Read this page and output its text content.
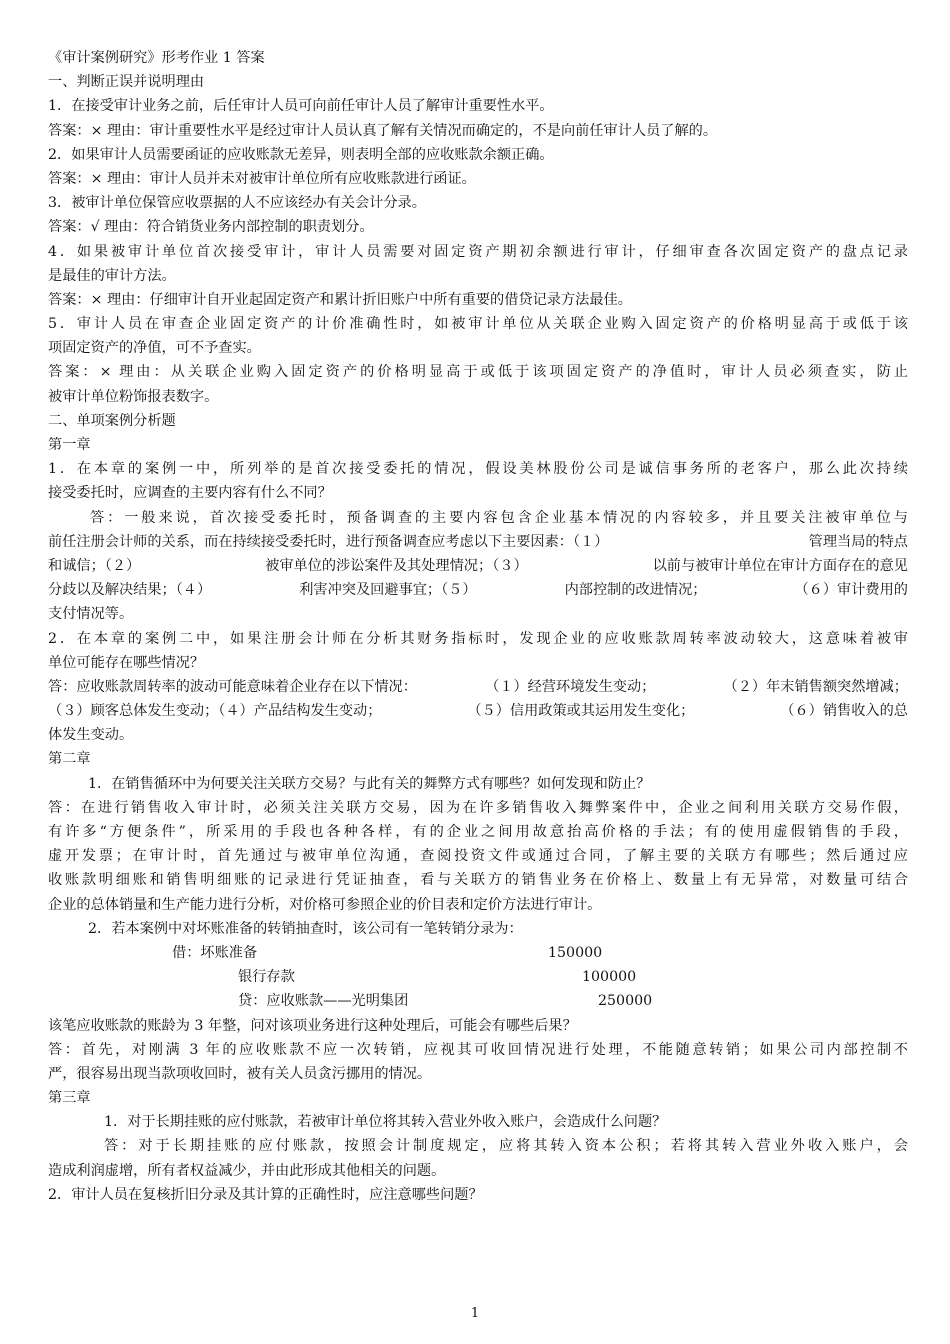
《审计案例研究》形考作业 1 答案
一、判断正误并说明理由
1．在接受审计业务之前，后任审计人员可向前任审计人员了解审计重要性水平。
答案：× 理由：审计重要性水平是经过审计人员认真了解有关情况而确定的，不是向前任审计人员了解的。
2．如果审计人员需要函证的应收账款无差异，则表明全部的应收账款余额正确。
答案：× 理由：审计人员并未对被审计单位所有应收账款进行函证。
3．被审计单位保管应收票据的人不应该经办有关会计分录。
答案：√ 理由：符合销货业务内部控制的职责划分。
4．如果被审计单位首次接受审计，审计人员需要对固定资产期初余额进行审计，仔细审查各次固定资产的盘点记录
是最佳的审计方法。
答案：× 理由：仔细审计自开业起固定资产和累计折旧账户中所有重要的借贷记录方法最佳。
5．审计人员在审查企业固定资产的计价准确性时，如被审计单位从关联企业购入固定资产的价格明显高于或低于该
项固定资产的净值，可不予查实。
答案：× 理由：从关联企业购入固定资产的价格明显高于或低于该项固定资产的净值时，审计人员必须查实，防止
被审计单位粉饰报表数字。
二、单项案例分析题
第一章
1．在本章的案例一中，所列举的是首次接受委托的情况，假设美林股份公司是诚信事务所的老客户，那么此次持续
接受委托时，应调查的主要内容有什么不同？
答：一般来说，首次接受委托时，预备调查的主要内容包含企业基本情况的内容较多，并且要关注被审单位与
前任注册会计师的关系，而在持续接受委托时，进行预备调查应考虑以下主要因素：（１）	管理当局的特点
和诚信；（２）	被审单位的涉讼案件及其处理情况；（３）	以前与被审计单位在审计方面存在的意见
分歧以及解决结果；（４）	利害冲突及回避事宜；（５）	内部控制的改进情况；	（６）审计费用的
支付情况等。
2．在本章的案例二中，如果注册会计师在分析其财务指标时，发现企业的应收账款周转率波动较大，这意味着被审
单位可能存在哪些情况？
答：应收账款周转率的波动可能意味着企业存在以下情况：	（１）经营环境发生变动；	（２）年末销售额突然增减；
（３）顾客总体发生变动；（４）产品结构发生变动；	（５）信用政策或其运用发生变化；	（６）销售收入的总
体发生变动。
第二章
1．在销售循环中为何要关注关联方交易？与此有关的舞弊方式有哪些？如何发现和防止？
答：在进行销售收入审计时，必须关注关联方交易，因为在许多销售收入舞弊案件中，企业之间利用关联方交易作假，
有许多“方便条件”，所采用的手段也各种各样，有的企业之间用故意抬高价格的手法；有的使用虚假销售的手段，
虚开发票；在审计时，首先通过与被审单位沟通，查阅投资文件或通过合同，了解主要的关联方有哪些；然后通过应
收账款明细账和销售明细账的记录进行凭证抽查，看与关联方的销售业务在价格上、数量上有无异常，对数量可结合
企业的总体销量和生产能力进行分析，对价格可参照企业的价目表和定价方法进行审计。
2．若本案例中对坏账准备的转销抽查时，该公司有一笔转销分录为：
借：坏账准备	150000
银行存款	100000
贷：应收账款——光明集团	250000
该笔应收账款的账龄为 3 年整，问对该项业务进行这种处理后，可能会有哪些后果？
答：首先，对刚满 3 年的应收账款不应一次转销，应视其可收回情况进行处理，不能随意转销；如果公司内部控制不
严，很容易出现当款项收回时，被有关人员贪污挪用的情况。
第三章
1．对于长期挂账的应付账款，若被审计单位将其转入营业外收入账户，会造成什么问题？
答：对于长期挂账的应付账款，按照会计制度规定，应将其转入资本公积；若将其转入营业外收入账户，会
造成利润虚增，所有者权益减少，并由此形成其他相关的问题。
2．审计人员在复核折旧分录及其计算的正确性时，应注意哪些问题？
1
